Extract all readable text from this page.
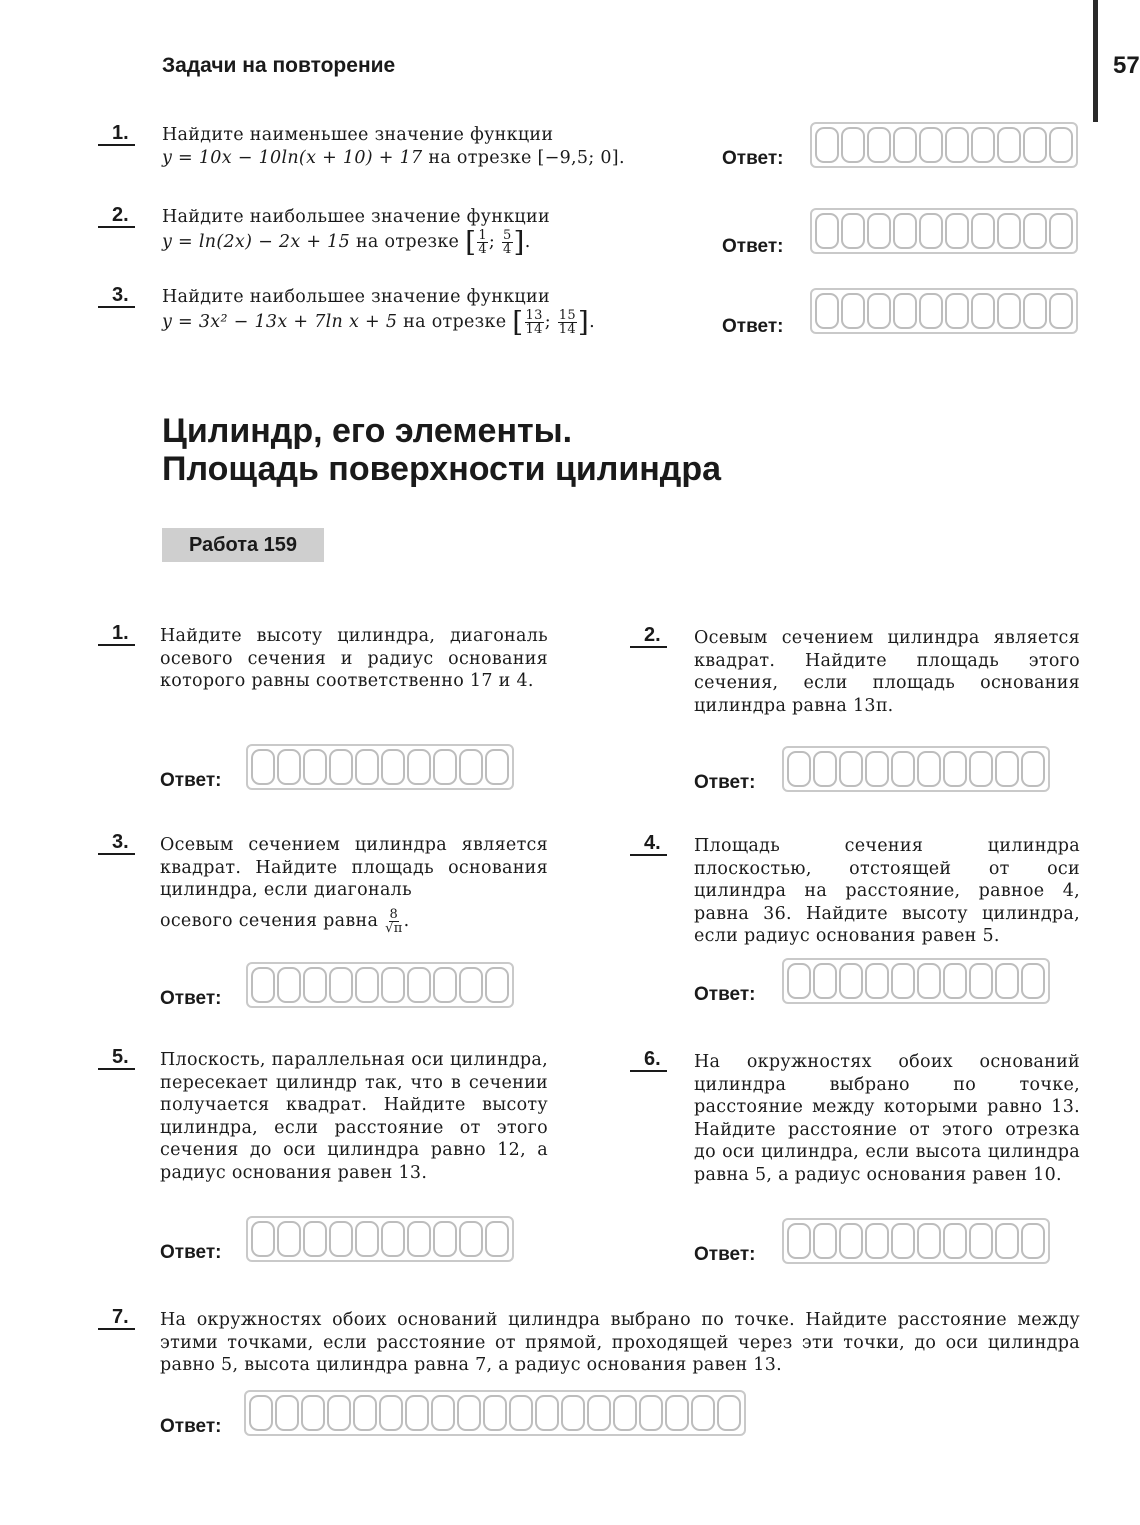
Задачи на повторение	57
1.	Найдите наименьшее значение функции
y = 10x − 10ln(x + 10) + 17 на отрезке [−9,5; 0].	Ответ:
2.	Найдите наибольшее значение функции
y = ln(2x) − 2x + 15 на отрезке [ $\frac{1}{4}$ ; $\frac{5}{4}$ ].	Ответ:
3.	Найдите наибольшее значение функции
y = 3x² − 13x + 7ln x + 5 на отрезке [ $\frac{13}{14}$ ; $\frac{15}{14}$ ].	Ответ:
Цилиндр, его элементы.
Площадь поверхности цилиндра
Работа 159
1.	Найдите высоту цилиндра, диагональ осевого сечения и радиус основания которого равны соответственно 17 и 4.
Ответ:
2.	Осевым сечением цилиндра является квадрат. Найдите площадь этого сечения, если площадь основания цилиндра равна 13π.
Ответ:
3.	Осевым сечением цилиндра является квадрат. Найдите площадь основания цилиндра, если диагональ
осевого сечения равна $\frac{8}{√\pi}$ .
Ответ:
4.	Площадь сечения цилиндра плоскостью, отстоящей от оси цилиндра на расстояние, равное 4, равна 36. Найдите высоту цилиндра, если радиус основания равен 5.
Ответ:
5.	Плоскость, параллельная оси цилиндра, пересекает цилиндр так, что в сечении получается квадрат. Найдите высоту цилиндра, если расстояние от этого сечения до оси цилиндра равно 12, а радиус основания равен 13.
Ответ:
6.	На окружностях обоих оснований цилиндра выбрано по точке, расстояние между которыми равно 13. Найдите расстояние от этого отрезка до оси цилиндра, если высота цилиндра равна 5, а радиус основания равен 10.
Ответ:
7.	На окружностях обоих оснований цилиндра выбрано по точке. Найдите расстояние между этими точками, если расстояние от прямой, проходящей через эти точки, до оси цилиндра равно 5, высота цилиндра равна 7, а радиус основания равен 13.
Ответ:
